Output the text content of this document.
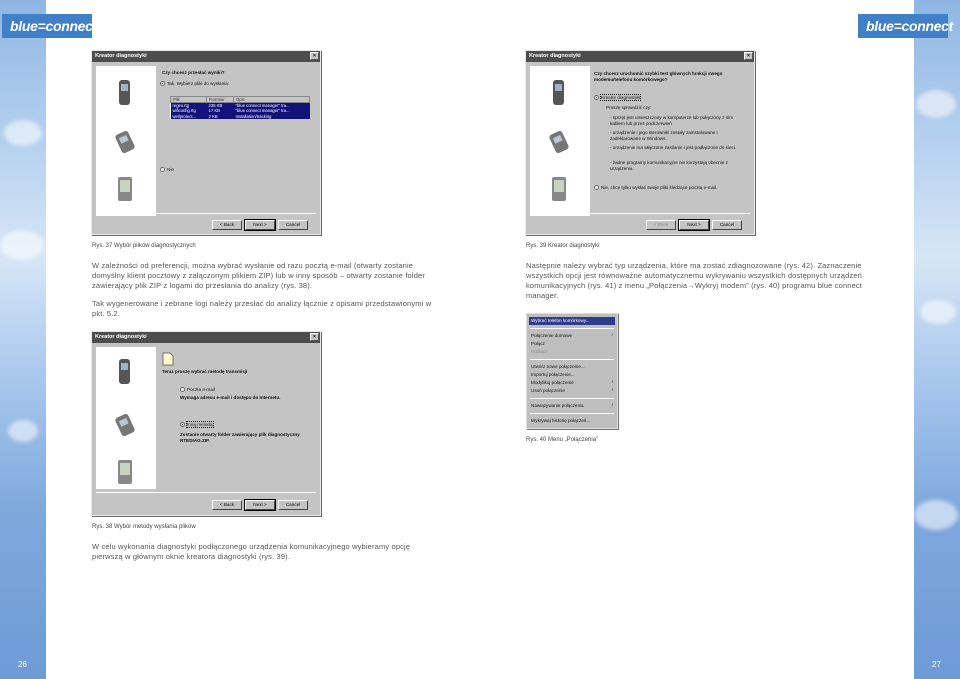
blue=connect	blue=connect
Kreator diagnostyki	×
Czy chcesz przesłać wyniki?
Tak. Wybierz pliki do wysłania:
Plik	Rozmiar	Opis
regex.rtg	235 KB	"blue connect manager" tra...
wificonfig.rtg	17 KB	"blue connect manager" tra...
wellprotect...	2 KB	Installation/tracking
Nie
< Back	Next >	Cancel
Rys. 37 Wybór plików diagnostycznych
W zależności od preferencji, można wybrać wysłanie od razu pocztą e-mail (otwarty zostanie domyślny klient pocztowy z załączonym plikiem ZIP) lub w inny sposób – otwarty zostanie folder zawierający plik ZIP z logami do przesłania do analizy (rys. 38).
Tak wygenerowane i zebrane logi należy przesłać do analizy łącznie z opisami przedstawionymi w pkt. 5.2.
Kreator diagnostyki	×
Teraz proszę wybrać metodę transmisji
Poczta e-mail
Wymaga adresu e-mail i dostępu do Internetu.
Inną metodą
Zostanie otwarty folder zawierający plik diagnostyczny RTEDIAG.ZIP.
< Back	Next >	Cancel
Rys. 38 Wybór metody wysłania plików
W celu wykonania diagnostyki podłączonego urządzenia komunikacyjnego wybieramy opcję pierwszą w głównym oknie kreatora diagnostyki (rys. 39).
Kreator diagnostyki	×
Czy chcesz uruchomić szybki test głównych funkcji swego modemu/telefonu komórkowego?
Kreator diagnostyki
Proszę sprawdzić czy:
- sprzęt jest umieszczony w komputerze lub połączony z nim kablem lub przez podczerwień
- urządzenie i jego sterowniki zostały zainstalowane i zadeklarowane w Windows.
- urządzenie ma włączone zasilanie i jest podłączone do sieci.
- żadne programy komunikacyjne nie korzystają obecnie z urządzenia.
Nie, chcę tylko wysłać swoje pliki śledzące pocztą e-mail.
< Back	Next >	Cancel
Rys. 39 Kreator diagnostyki
Następnie należy wybrać typ urządzenia, które ma zostać zdiagnozowane (rys. 42). Zaznaczenie wszystkich opcji jest równoważne automatycznemu wykrywaniu wszystkich dostępnych urządzeń komunikacyjnych (rys. 41) z menu „Połączenia→Wykryj modem” (rys. 40) programu blue connect manager.
Wybrać telefon komórkowy...
Połączenie domowe	›
Połącz
Rozłącz
Utwórz nowe połączenie...
Importuj połączenie...
Modyfikuj połączenie	›
Usuń połączenie	›
Nawiązywanie połączenia	›
Wykrywaj historię połączeń...
Rys. 40 Menu „Połączenia”
26	27
